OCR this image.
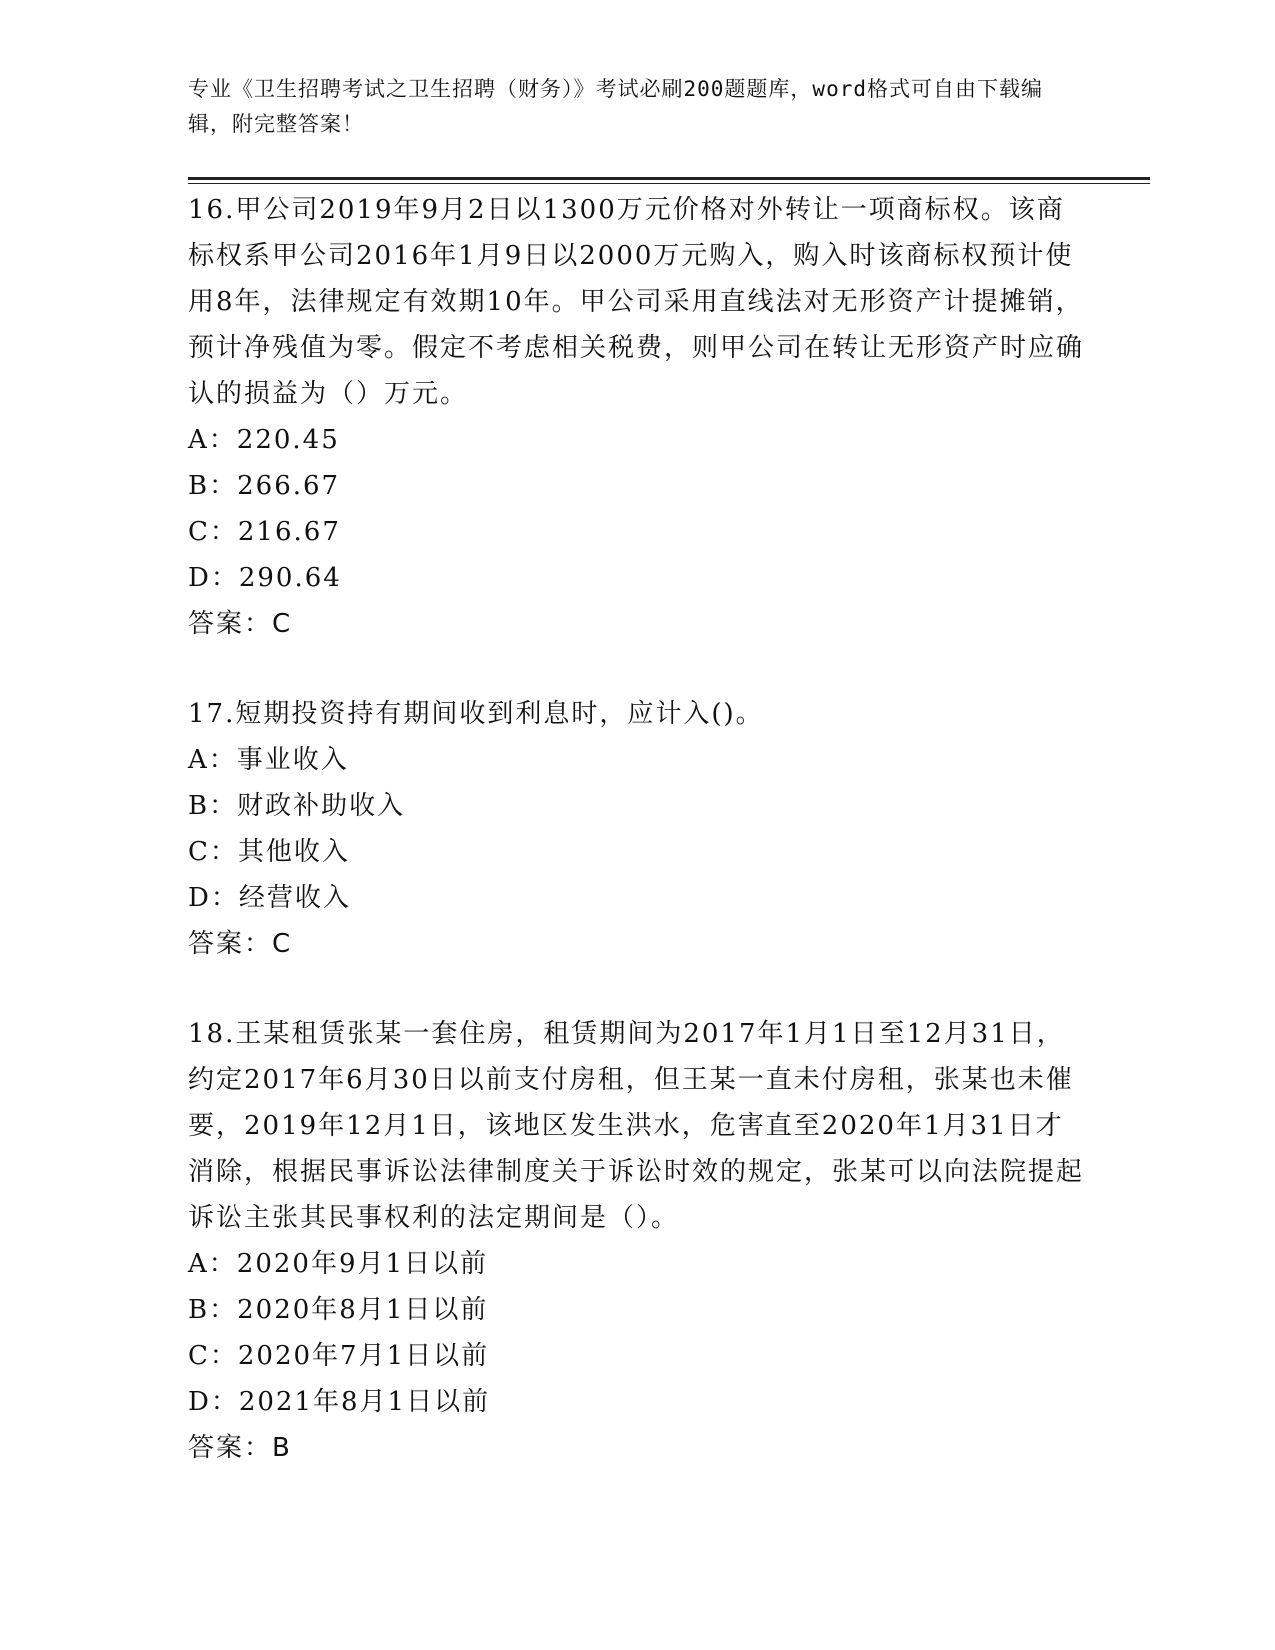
专业《卫生招聘考试之卫生招聘（财务）》考试必刷200题题库，word格式可自由下载编辑，附完整答案！

16.甲公司2019年9月2日以1300万元价格对外转让一项商标权。该商标权系甲公司2016年1月9日以2000万元购入，购入时该商标权预计使用8年，法律规定有效期10年。甲公司采用直线法对无形资产计提摊销，预计净残值为零。假定不考虑相关税费，则甲公司在转让无形资产时应确认的损益为（）万元。

A：220.45
B：266.67
C：216.67
D：290.64

答案：C

17.短期投资持有期间收到利息时，应计入()。

A：事业收入
B：财政补助收入
C：其他收入
D：经营收入

答案：C

18.王某租赁张某一套住房，租赁期间为2017年1月1日至12月31日，约定2017年6月30日以前支付房租，但王某一直未付房租，张某也未催要，2019年12月1日，该地区发生洪水，危害直至2020年1月31日才消除，根据民事诉讼法律制度关于诉讼时效的规定，张某可以向法院提起诉讼主张其民事权利的法定期间是（）。

A：2020年9月1日以前
B：2020年8月1日以前
C：2020年7月1日以前
D：2021年8月1日以前

答案：B
